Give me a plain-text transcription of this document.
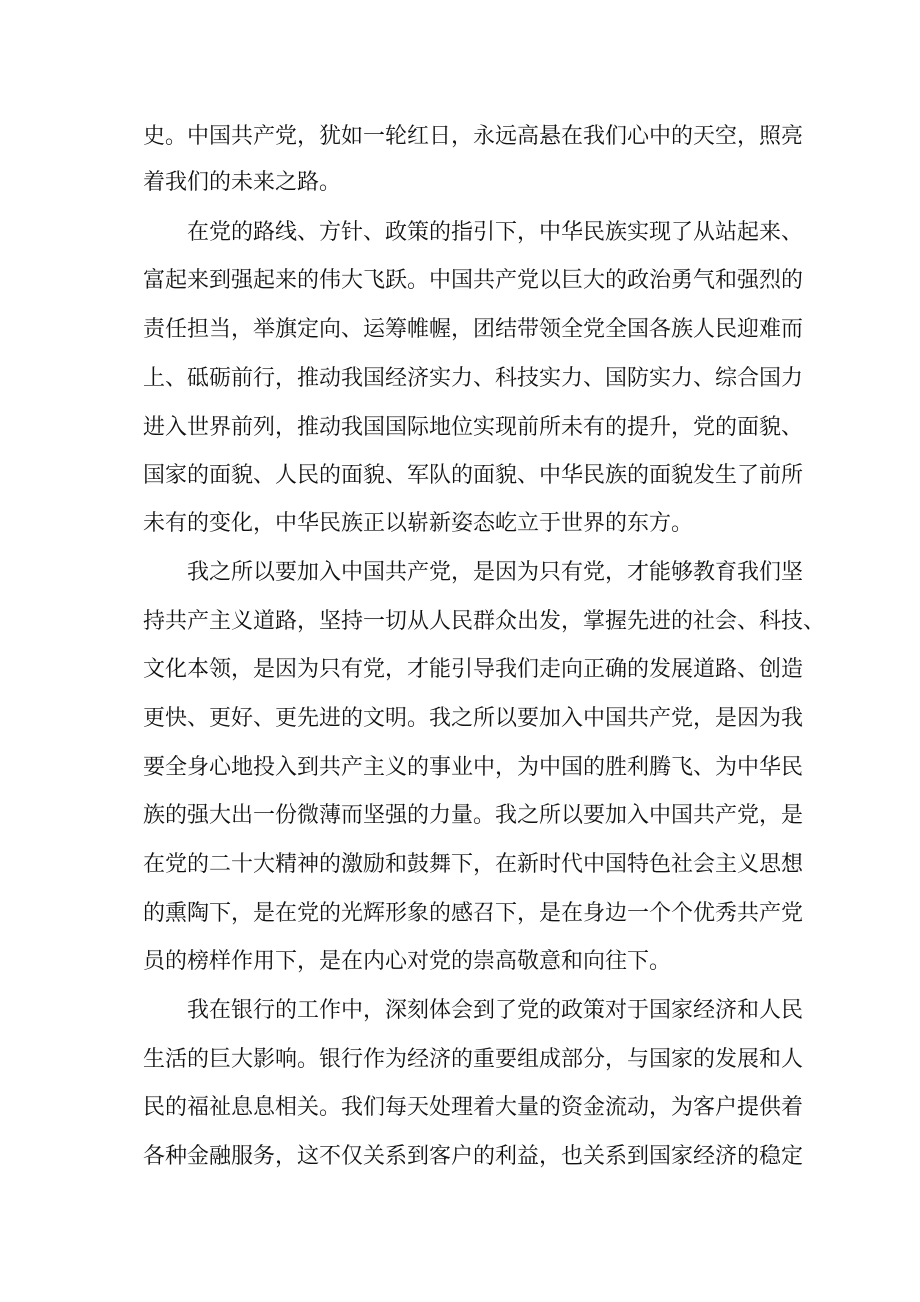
史。中国共产党，犹如一轮红日，永远高悬在我们心中的天空，照亮
着我们的未来之路。
在党的路线、方针、政策的指引下，中华民族实现了从站起来、
富起来到强起来的伟大飞跃。中国共产党以巨大的政治勇气和强烈的
责任担当，举旗定向、运筹帷幄，团结带领全党全国各族人民迎难而
上、砥砺前行，推动我国经济实力、科技实力、国防实力、综合国力
进入世界前列，推动我国国际地位实现前所未有的提升，党的面貌、
国家的面貌、人民的面貌、军队的面貌、中华民族的面貌发生了前所
未有的变化，中华民族正以崭新姿态屹立于世界的东方。
我之所以要加入中国共产党，是因为只有党，才能够教育我们坚
持共产主义道路，坚持一切从人民群众出发，掌握先进的社会、科技、
文化本领，是因为只有党，才能引导我们走向正确的发展道路、创造
更快、更好、更先进的文明。我之所以要加入中国共产党，是因为我
要全身心地投入到共产主义的事业中，为中国的胜利腾飞、为中华民
族的强大出一份微薄而坚强的力量。我之所以要加入中国共产党，是
在党的二十大精神的激励和鼓舞下，在新时代中国特色社会主义思想
的熏陶下，是在党的光辉形象的感召下，是在身边一个个优秀共产党
员的榜样作用下，是在内心对党的崇高敬意和向往下。
我在银行的工作中，深刻体会到了党的政策对于国家经济和人民
生活的巨大影响。银行作为经济的重要组成部分，与国家的发展和人
民的福祉息息相关。我们每天处理着大量的资金流动，为客户提供着
各种金融服务，这不仅关系到客户的利益，也关系到国家经济的稳定
